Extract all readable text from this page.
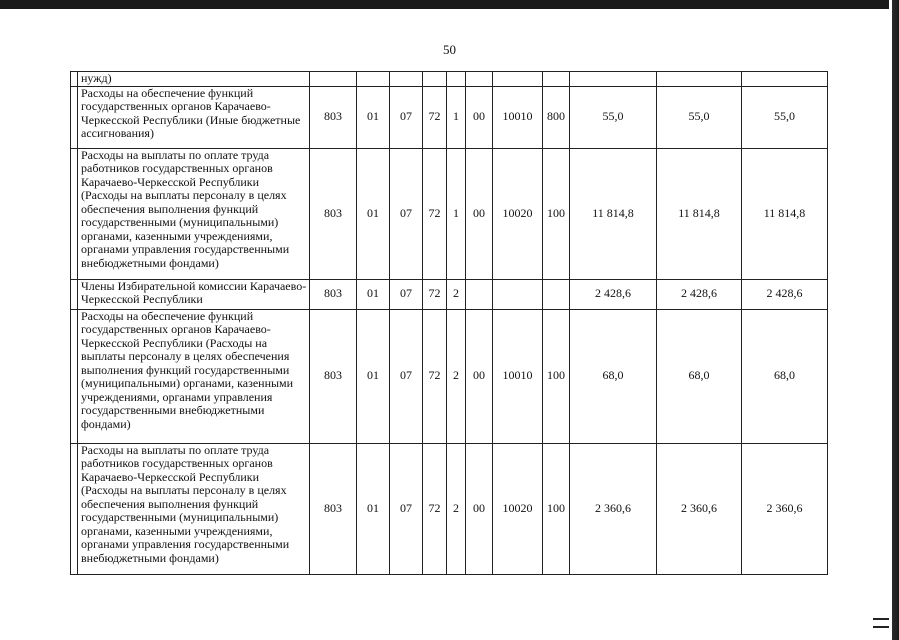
50
	нужд)											
	Расходы на обеспечение функций государственных органов Карачаево-Черкесской Республики (Иные бюджетные ассигнования)	803	01	07	72	1	00	10010	800	55,0	55,0	55,0
	Расходы на выплаты по оплате труда работников государственных органов Карачаево-Черкесской Республики (Расходы на выплаты персоналу в целях обеспечения выполнения функций государственными (муниципальными) органами, казенными учреждениями, органами управления государственными внебюджетными фондами)	803	01	07	72	1	00	10020	100	11 814,8	11 814,8	11 814,8
	Члены Избирательной комиссии Карачаево-Черкесской Республики	803	01	07	72	2				2 428,6	2 428,6	2 428,6
	Расходы на обеспечение функций государственных органов Карачаево-Черкесской Республики (Расходы на выплаты персоналу в целях обеспечения выполнения функций государственными (муниципальными) органами, казенными учреждениями, органами управления государственными внебюджетными фондами)	803	01	07	72	2	00	10010	100	68,0	68,0	68,0
	Расходы на выплаты по оплате труда работников государственных органов Карачаево-Черкесской Республики (Расходы на выплаты персоналу в целях обеспечения выполнения функций государственными (муниципальными) органами, казенными учреждениями, органами управления государственными внебюджетными фондами)	803	01	07	72	2	00	10020	100	2 360,6	2 360,6	2 360,6
